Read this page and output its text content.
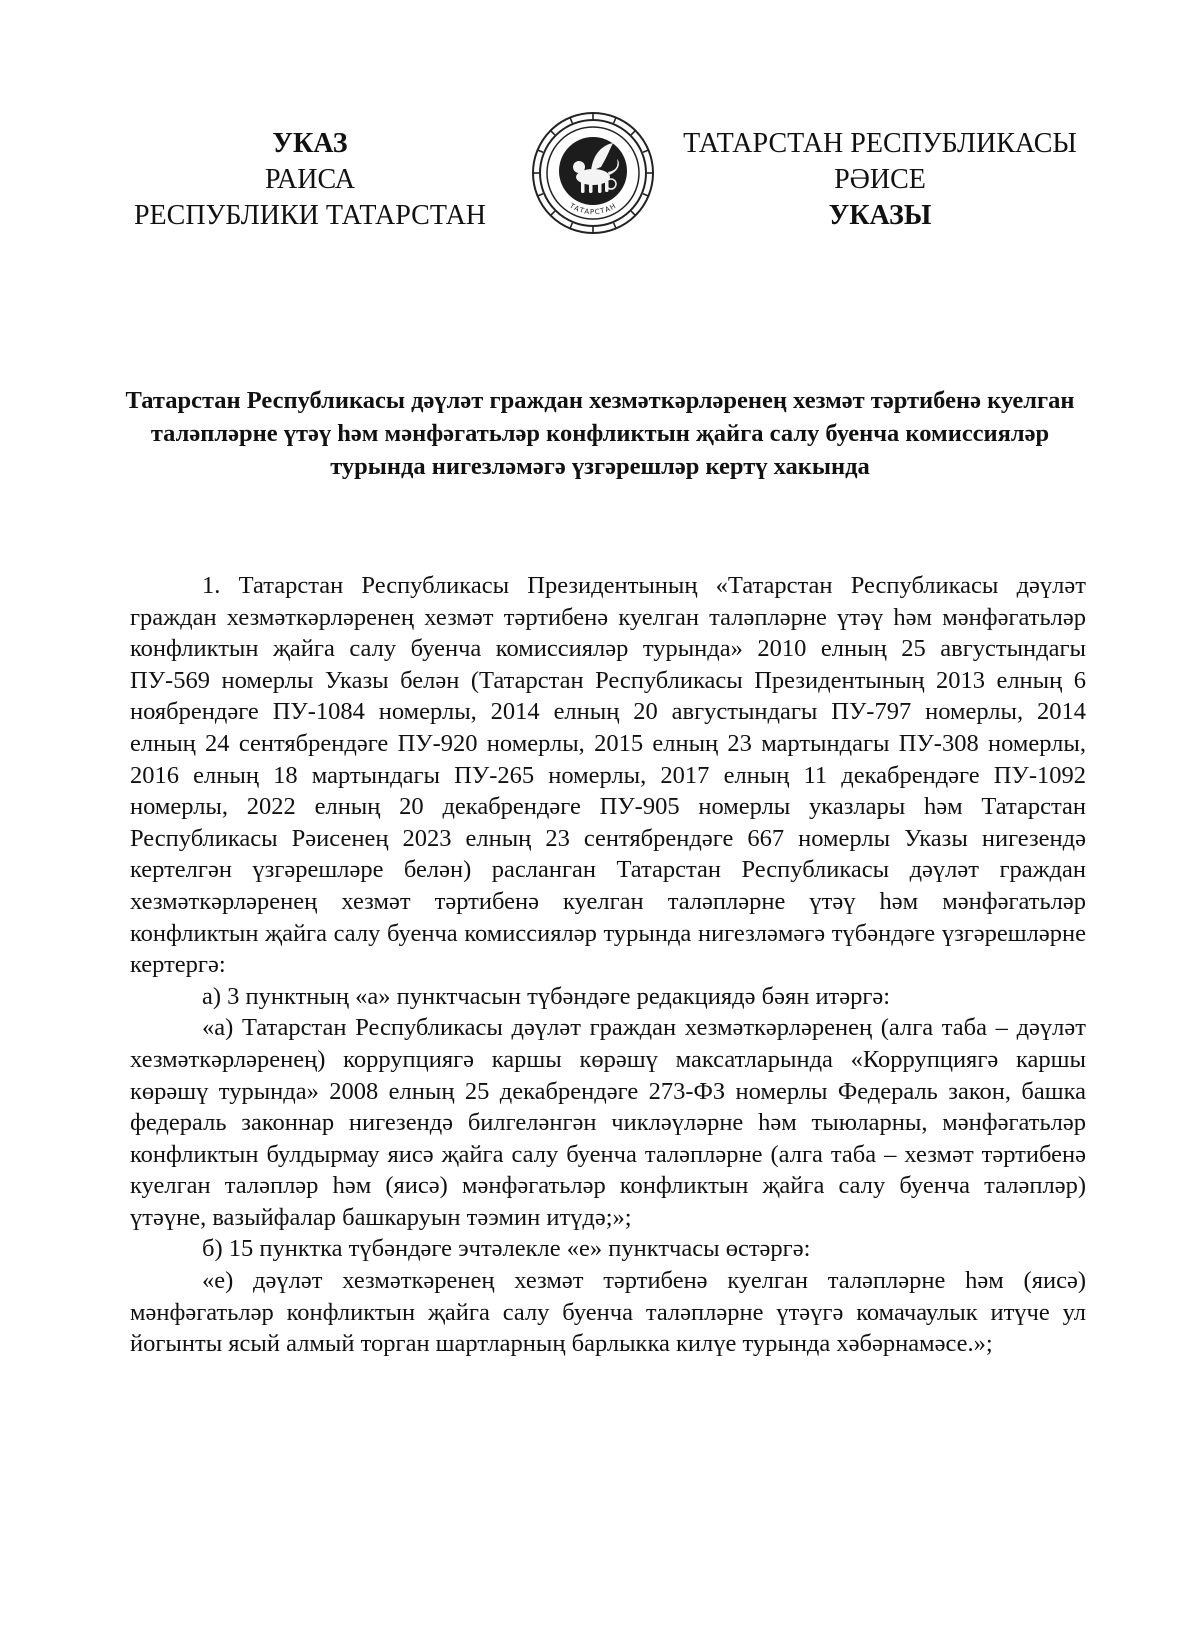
УКАЗ
РАИСА
РЕСПУБЛИКИ ТАТАРСТАН	ТАТАРСТАН
ТАТАРСТАН РЕСПУБЛИКАСЫ
РӘИСЕ
УКАЗЫ
Татарстан Республикасы дәүләт граждан хезмәткәрләренең хезмәт тәртибенә куелган таләпләрне үтәү һәм мәнфәгатьләр конфликтын җайга салу буенча комиссияләр турында нигезләмәгә үзгәрешләр кертү хакында

1. Татарстан Республикасы Президентының «Татарстан Республикасы дәүләт граждан хезмәткәрләренең хезмәт тәртибенә куелган таләпләрне үтәү һәм мәнфәгатьләр конфликтын җайга салу буенча комиссияләр турында» 2010 елның 25 августындагы ПУ-569 номерлы Указы белән (Татарстан Республикасы Президентының 2013 елның 6 ноябрендәге ПУ-1084 номерлы, 2014 елның 20 августындагы ПУ-797 номерлы, 2014 елның 24 сентябрендәге ПУ-920 номерлы, 2015 елның 23 мартындагы ПУ-308 номерлы, 2016 елның 18 мартындагы ПУ-265 номерлы, 2017 елның 11 декабрендәге ПУ-1092 номерлы, 2022 елның 20 декабрендәге ПУ-905 номерлы указлары һәм Татарстан Республикасы Рәисенең 2023 елның 23 сентябрендәге 667 номерлы Указы нигезендә кертелгән үзгәрешләре белән) расланган Татарстан Республикасы дәүләт граждан хезмәткәрләренең хезмәт тәртибенә куелган таләпләрне үтәү һәм мәнфәгатьләр конфликтын җайга салу буенча комиссияләр турында нигезләмәгә түбәндәге үзгәрешләрне кертергә:

а) 3 пунктның «а» пунктчасын түбәндәге редакциядә бәян итәргә:

«а) Татарстан Республикасы дәүләт граждан хезмәткәрләренең (алга таба – дәүләт хезмәткәрләренең) коррупциягә каршы көрәшү максатларында «Коррупциягә каршы көрәшү турында» 2008 елның 25 декабрендәге 273-ФЗ номерлы Федераль закон, башка федераль законнар нигезендә билгеләнгән чикләүләрне һәм тыюларны, мәнфәгатьләр конфликтын булдырмау яисә җайга салу буенча таләпләрне (алга таба – хезмәт тәртибенә куелган таләпләр һәм (яисә) мәнфәгатьләр конфликтын җайга салу буенча таләпләр) үтәүне, вазыйфалар башкаруын тәэмин итүдә;»;

б) 15 пунктка түбәндәге эчтәлекле «е» пунктчасы өстәргә:

«е) дәүләт хезмәткәренең хезмәт тәртибенә куелган таләпләрне һәм (яисә) мәнфәгатьләр конфликтын җайга салу буенча таләпләрне үтәүгә комачаулык итүче ул йогынты ясый алмый торган шартларның барлыкка килүе турында хәбәрнамәсе.»;
